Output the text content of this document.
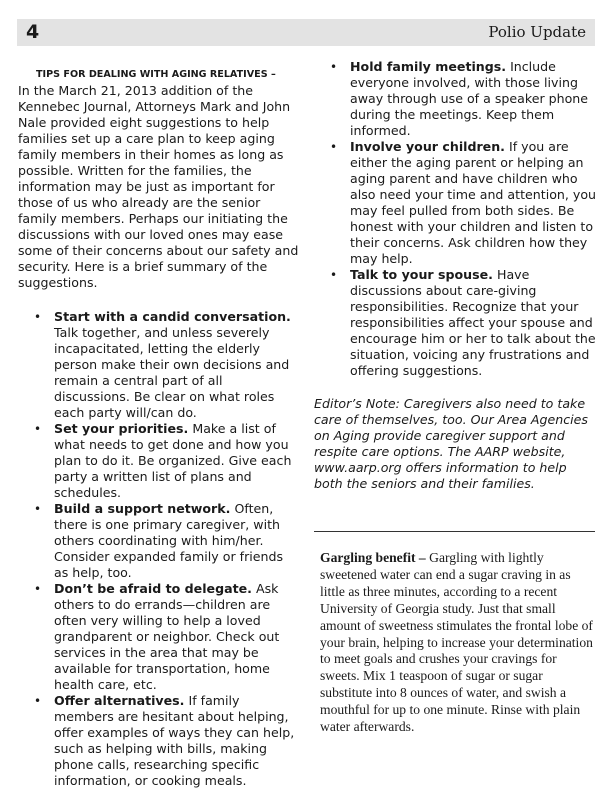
4	Polio Update
TIPS FOR DEALING WITH AGING RELATIVES –

In the March 21, 2013 addition of the Kennebec Journal, Attorneys Mark and John Nale provided eight suggestions to help families set up a care plan to keep aging family members in their homes as long as possible. Written for the families, the information may be just as important for those of us who already are the senior family members. Perhaps our initiating the discussions with our loved ones may ease some of their concerns about our safety and security. Here is a brief summary of the suggestions.

• Start with a candid conversation. Talk together, and unless severely incapacitated, letting the elderly person make their own decisions and remain a central part of all discussions. Be clear on what roles each party will/can do.
• Set your priorities. Make a list of what needs to get done and how you plan to do it. Be organized. Give each party a written list of plans and schedules.
• Build a support network. Often, there is one primary caregiver, with others coordinating with him/her. Consider expanded family or friends as help, too.
• Don’t be afraid to delegate. Ask others to do errands—children are often very willing to help a loved grandparent or neighbor. Check out services in the area that may be available for transportation, home health care, etc.
• Offer alternatives. If family members are hesitant about helping, offer examples of ways they can help, such as helping with bills, making phone calls, researching specific information, or cooking meals.
• Hold family meetings. Include everyone involved, with those living away through use of a speaker phone during the meetings. Keep them informed.
• Involve your children. If you are either the aging parent or helping an aging parent and have children who also need your time and attention, you may feel pulled from both sides. Be honest with your children and listen to their concerns. Ask children how they may help.
• Talk to your spouse. Have discussions about care-giving responsibilities. Recognize that your responsibilities affect your spouse and encourage him or her to talk about the situation, voicing any frustrations and offering suggestions.

Editor’s Note: Caregivers also need to take care of themselves, too. Our Area Agencies on Aging provide caregiver support and respite care options. The AARP website, www.aarp.org offers information to help both the seniors and their families.

Gargling benefit – Gargling with lightly sweetened water can end a sugar craving in as little as three minutes, according to a recent University of Georgia study. Just that small amount of sweetness stimulates the frontal lobe of your brain, helping to increase your determination to meet goals and crushes your cravings for sweets. Mix 1 teaspoon of sugar or sugar substitute into 8 ounces of water, and swish a mouthful for up to one minute. Rinse with plain water afterwards.
